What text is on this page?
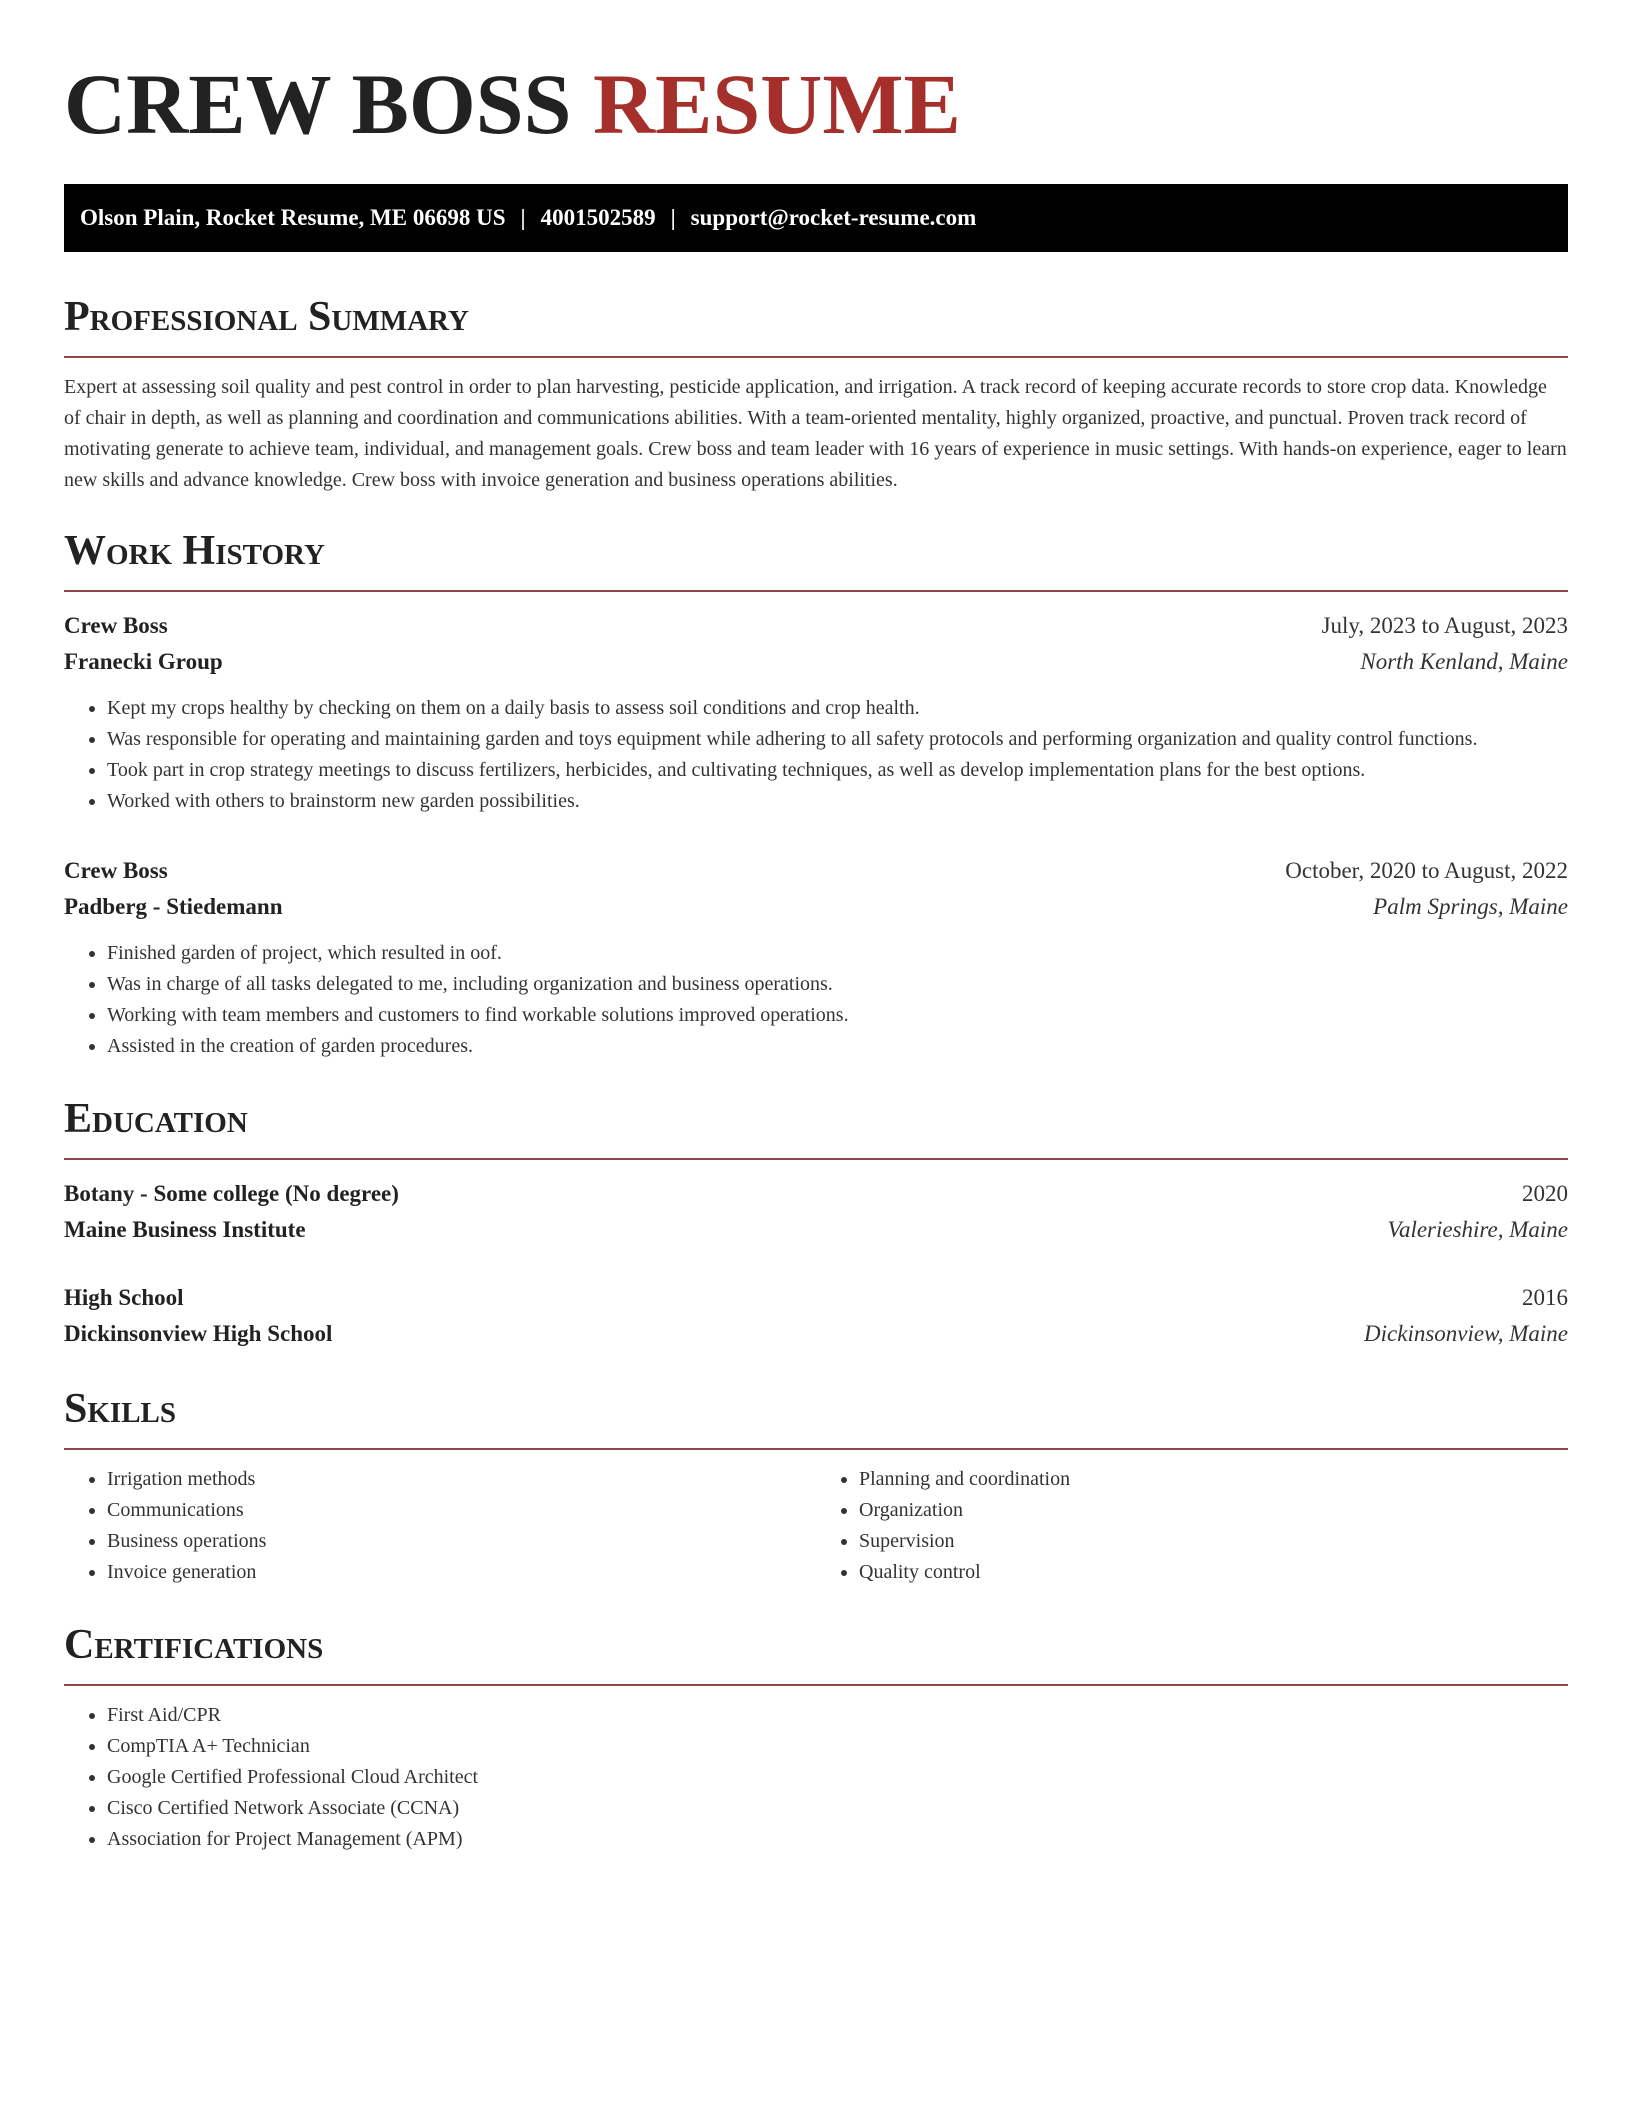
CREW BOSS RESUME
Olson Plain, Rocket Resume, ME 06698 US | 4001502589 | support@rocket-resume.com
Professional Summary

Expert at assessing soil quality and pest control in order to plan harvesting, pesticide application, and irrigation. A track record of keeping accurate records to store crop data. Knowledge of chair in depth, as well as planning and coordination and communications abilities. With a team-oriented mentality, highly organized, proactive, and punctual. Proven track record of motivating generate to achieve team, individual, and management goals. Crew boss and team leader with 16 years of experience in music settings. With hands-on experience, eager to learn new skills and advance knowledge. Crew boss with invoice generation and business operations abilities.

Work History
Crew Boss	July, 2023 to August, 2023
Franecki Group	North Kenland, Maine
• Kept my crops healthy by checking on them on a daily basis to assess soil conditions and crop health.
• Was responsible for operating and maintaining garden and toys equipment while adhering to all safety protocols and performing organization and quality control functions.
• Took part in crop strategy meetings to discuss fertilizers, herbicides, and cultivating techniques, as well as develop implementation plans for the best options.
• Worked with others to brainstorm new garden possibilities.
Crew Boss	October, 2020 to August, 2022
Padberg - Stiedemann	Palm Springs, Maine
• Finished garden of project, which resulted in oof.
• Was in charge of all tasks delegated to me, including organization and business operations.
• Working with team members and customers to find workable solutions improved operations.
• Assisted in the creation of garden procedures.
Education
Botany - Some college (No degree)	2020
Maine Business Institute	Valerieshire, Maine
High School	2016
Dickinsonview High School	Dickinsonview, Maine
Skills
• Irrigation methods
• Communications
• Business operations
• Invoice generation
• Planning and coordination
• Organization
• Supervision
• Quality control
Certifications
• First Aid/CPR
• CompTIA A+ Technician
• Google Certified Professional Cloud Architect
• Cisco Certified Network Associate (CCNA)
• Association for Project Management (APM)
